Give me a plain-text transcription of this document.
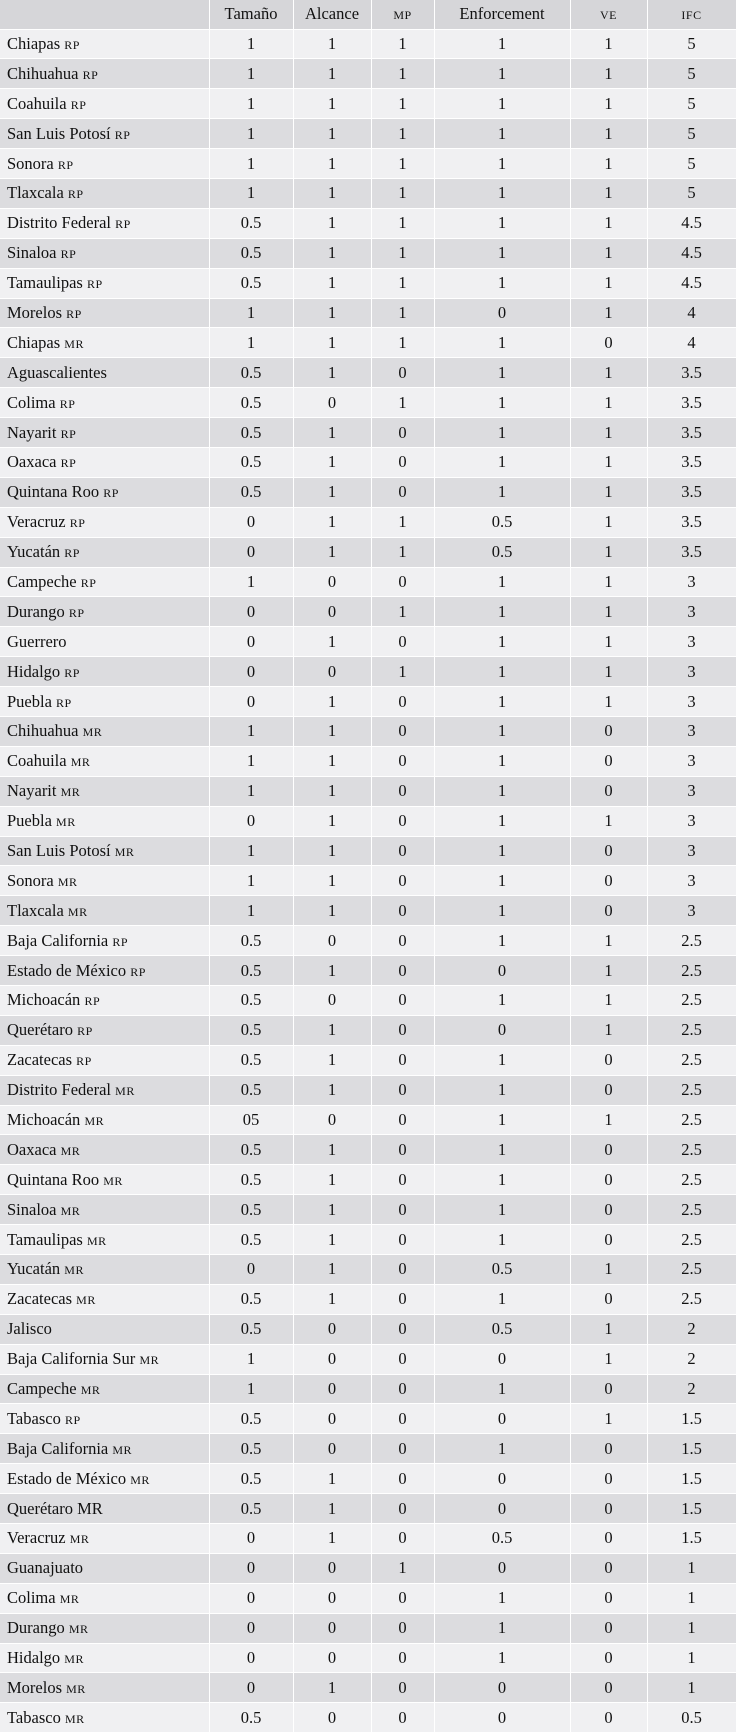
	Tamaño	Alcance	mp	Enforcement	ve	ifc
Chiapas rp	1	1	1	1	1	5
Chihuahua rp	1	1	1	1	1	5
Coahuila rp	1	1	1	1	1	5
San Luis Potosí rp	1	1	1	1	1	5
Sonora rp	1	1	1	1	1	5
Tlaxcala rp	1	1	1	1	1	5
Distrito Federal rp	0.5	1	1	1	1	4.5
Sinaloa rp	0.5	1	1	1	1	4.5
Tamaulipas rp	0.5	1	1	1	1	4.5
Morelos rp	1	1	1	0	1	4
Chiapas mr	1	1	1	1	0	4
Aguascalientes	0.5	1	0	1	1	3.5
Colima rp	0.5	0	1	1	1	3.5
Nayarit rp	0.5	1	0	1	1	3.5
Oaxaca rp	0.5	1	0	1	1	3.5
Quintana Roo rp	0.5	1	0	1	1	3.5
Veracruz rp	0	1	1	0.5	1	3.5
Yucatán rp	0	1	1	0.5	1	3.5
Campeche rp	1	0	0	1	1	3
Durango rp	0	0	1	1	1	3
Guerrero	0	1	0	1	1	3
Hidalgo rp	0	0	1	1	1	3
Puebla rp	0	1	0	1	1	3
Chihuahua mr	1	1	0	1	0	3
Coahuila mr	1	1	0	1	0	3
Nayarit mr	1	1	0	1	0	3
Puebla mr	0	1	0	1	1	3
San Luis Potosí mr	1	1	0	1	0	3
Sonora mr	1	1	0	1	0	3
Tlaxcala mr	1	1	0	1	0	3
Baja California rp	0.5	0	0	1	1	2.5
Estado de México rp	0.5	1	0	0	1	2.5
Michoacán rp	0.5	0	0	1	1	2.5
Querétaro rp	0.5	1	0	0	1	2.5
Zacatecas rp	0.5	1	0	1	0	2.5
Distrito Federal mr	0.5	1	0	1	0	2.5
Michoacán mr	05	0	0	1	1	2.5
Oaxaca mr	0.5	1	0	1	0	2.5
Quintana Roo mr	0.5	1	0	1	0	2.5
Sinaloa mr	0.5	1	0	1	0	2.5
Tamaulipas mr	0.5	1	0	1	0	2.5
Yucatán mr	0	1	0	0.5	1	2.5
Zacatecas mr	0.5	1	0	1	0	2.5
Jalisco	0.5	0	0	0.5	1	2
Baja California Sur mr	1	0	0	0	1	2
Campeche mr	1	0	0	1	0	2
Tabasco rp	0.5	0	0	0	1	1.5
Baja California mr	0.5	0	0	1	0	1.5
Estado de México mr	0.5	1	0	0	0	1.5
Querétaro MR	0.5	1	0	0	0	1.5
Veracruz mr	0	1	0	0.5	0	1.5
Guanajuato	0	0	1	0	0	1
Colima mr	0	0	0	1	0	1
Durango mr	0	0	0	1	0	1
Hidalgo mr	0	0	0	1	0	1
Morelos mr	0	1	0	0	0	1
Tabasco mr	0.5	0	0	0	0	0.5
